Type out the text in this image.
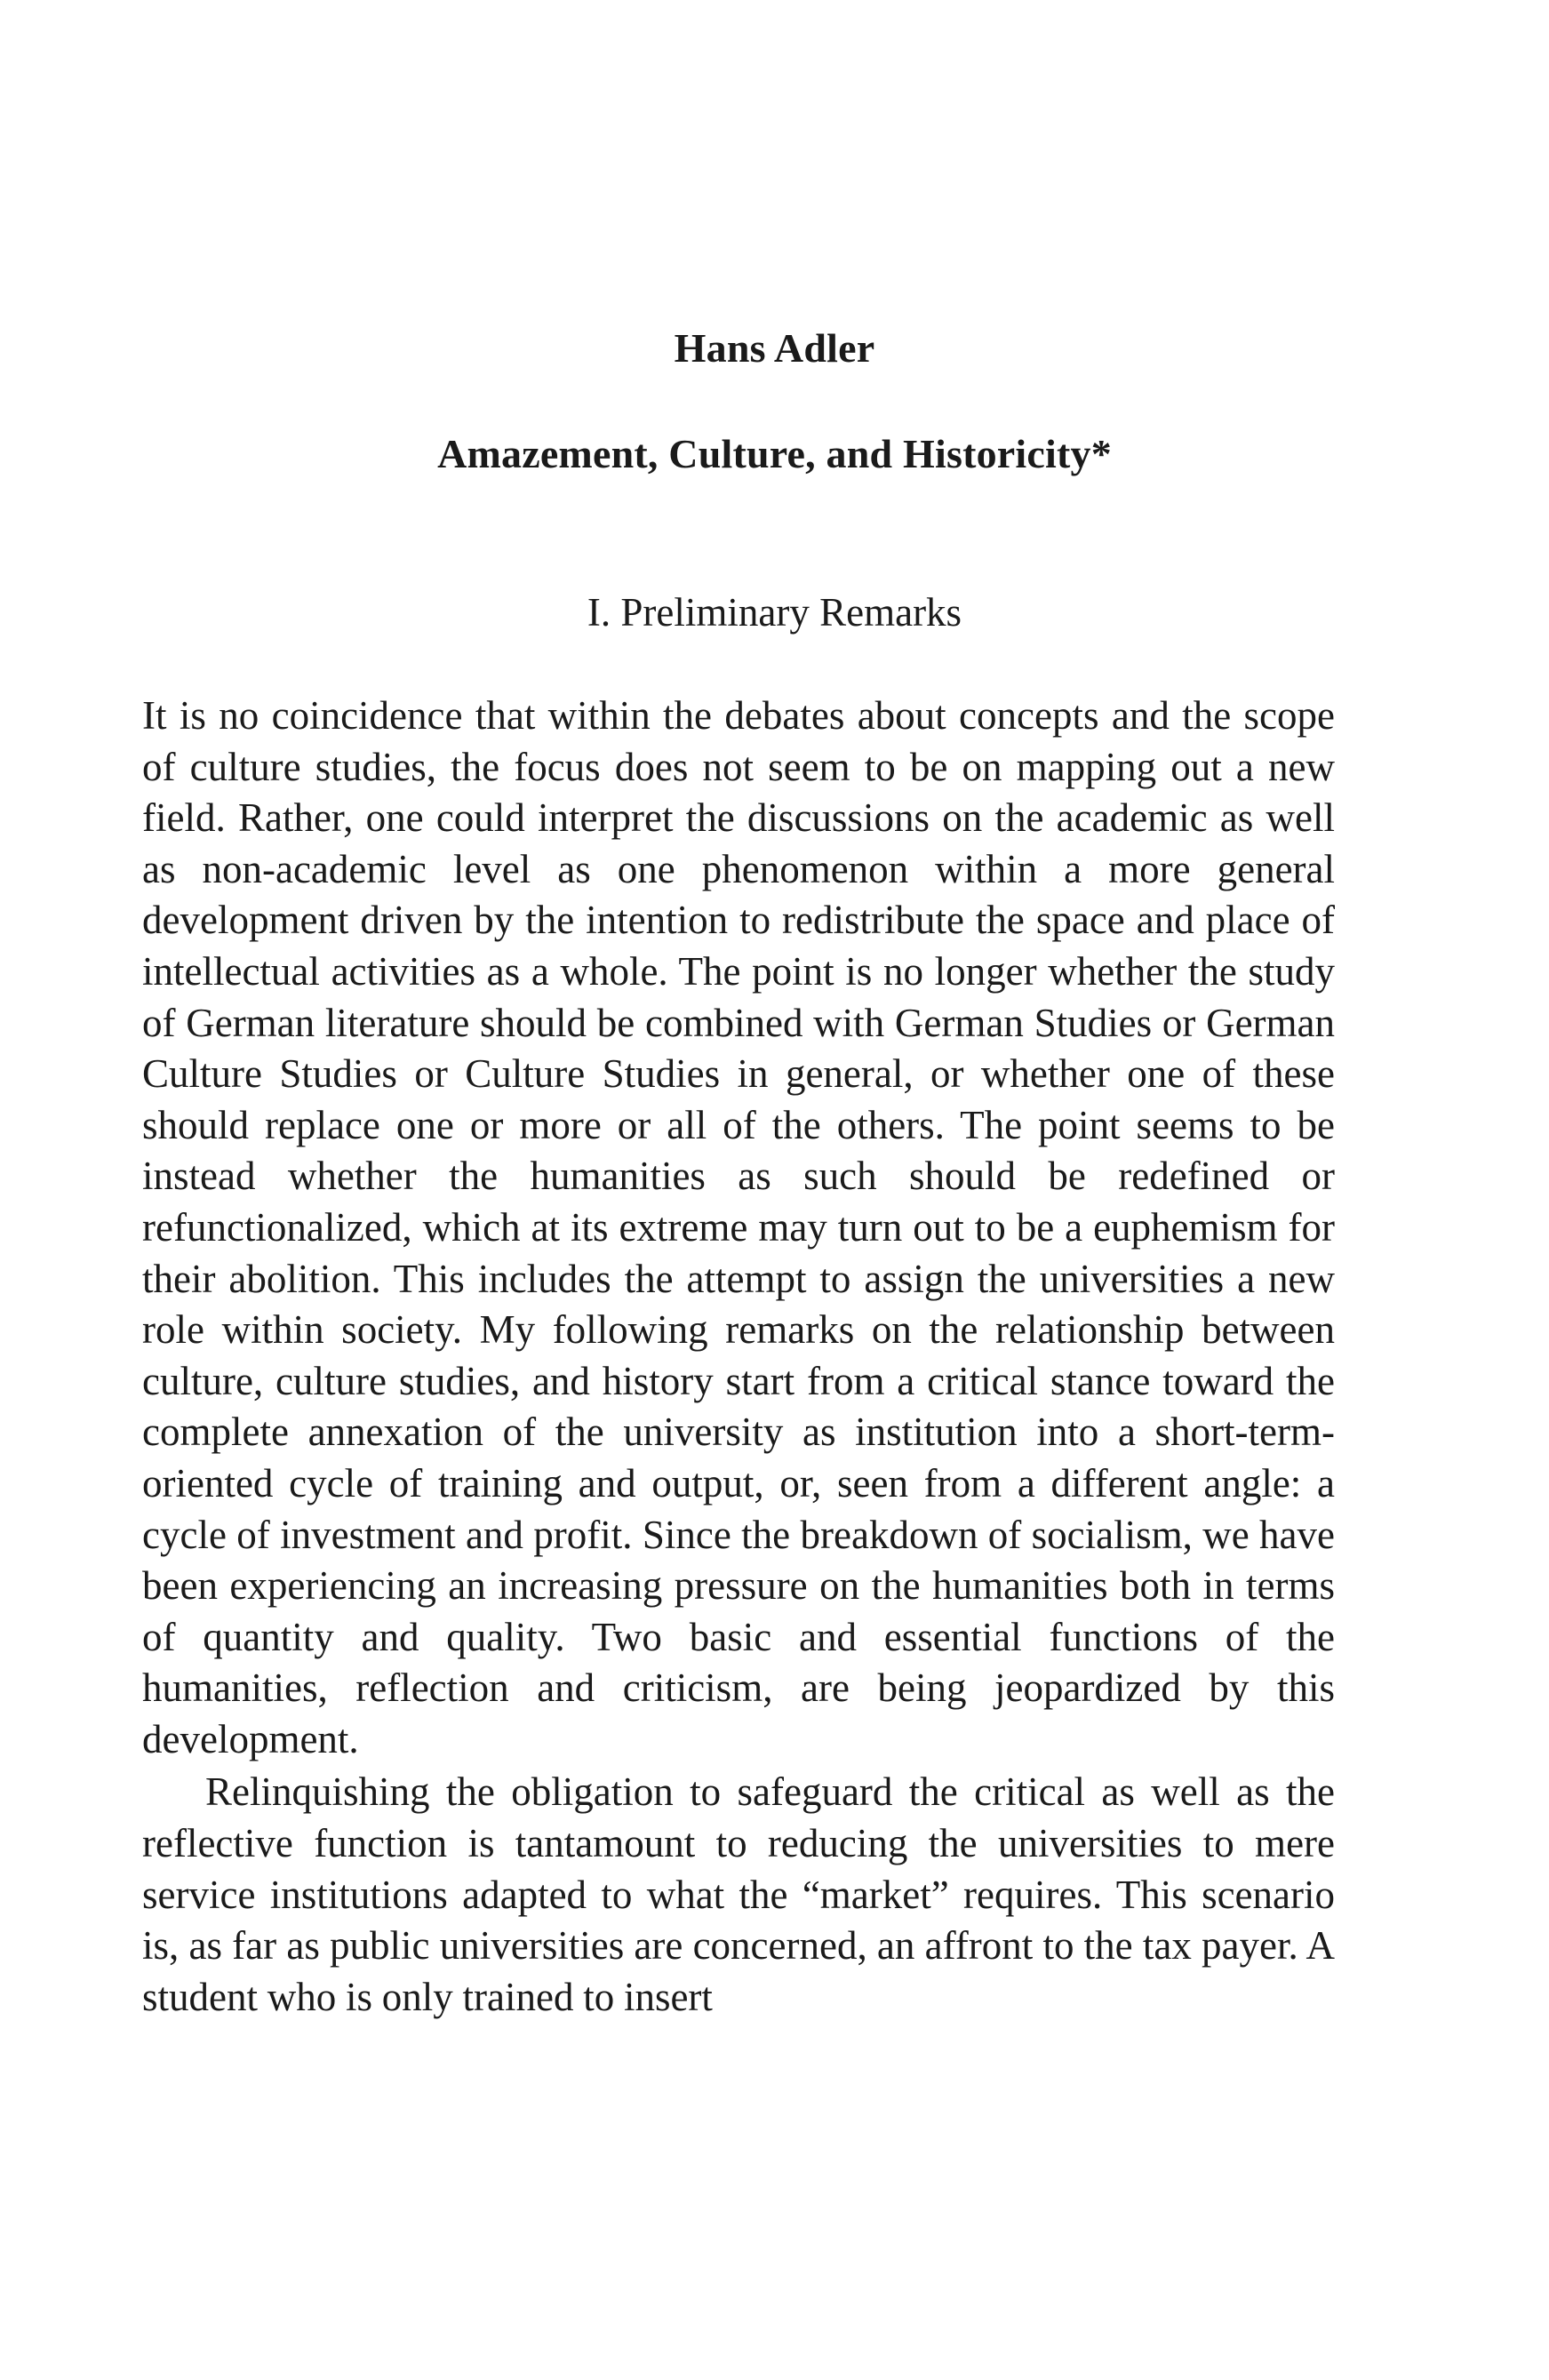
Hans Adler
Amazement, Culture, and Historicity*
I. Preliminary Remarks

It is no coincidence that within the debates about concepts and the scope of culture studies, the focus does not seem to be on mapping out a new field. Rather, one could interpret the discussions on the academic as well as non-academic level as one phenomenon within a more general development driven by the intention to redistribute the space and place of intellectual activities as a whole. The point is no longer whether the study of German literature should be combined with German Studies or German Culture Studies or Culture Studies in general, or whether one of these should replace one or more or all of the others. The point seems to be instead whether the humanities as such should be redefined or refunctionalized, which at its extreme may turn out to be a euphemism for their abolition. This includes the attempt to assign the universities a new role within society. My following remarks on the relationship between culture, culture studies, and history start from a critical stance toward the complete annexation of the university as institution into a short-term-oriented cycle of training and output, or, seen from a different angle: a cycle of investment and profit. Since the breakdown of socialism, we have been experiencing an increasing pressure on the humanities both in terms of quantity and quality. Two basic and essential functions of the humanities, reflection and criticism, are being jeopardized by this development.

Relinquishing the obligation to safeguard the critical as well as the reflective function is tantamount to reducing the universities to mere service institutions adapted to what the “market” requires. This scenario is, as far as public universities are concerned, an affront to the tax payer. A student who is only trained to insert
